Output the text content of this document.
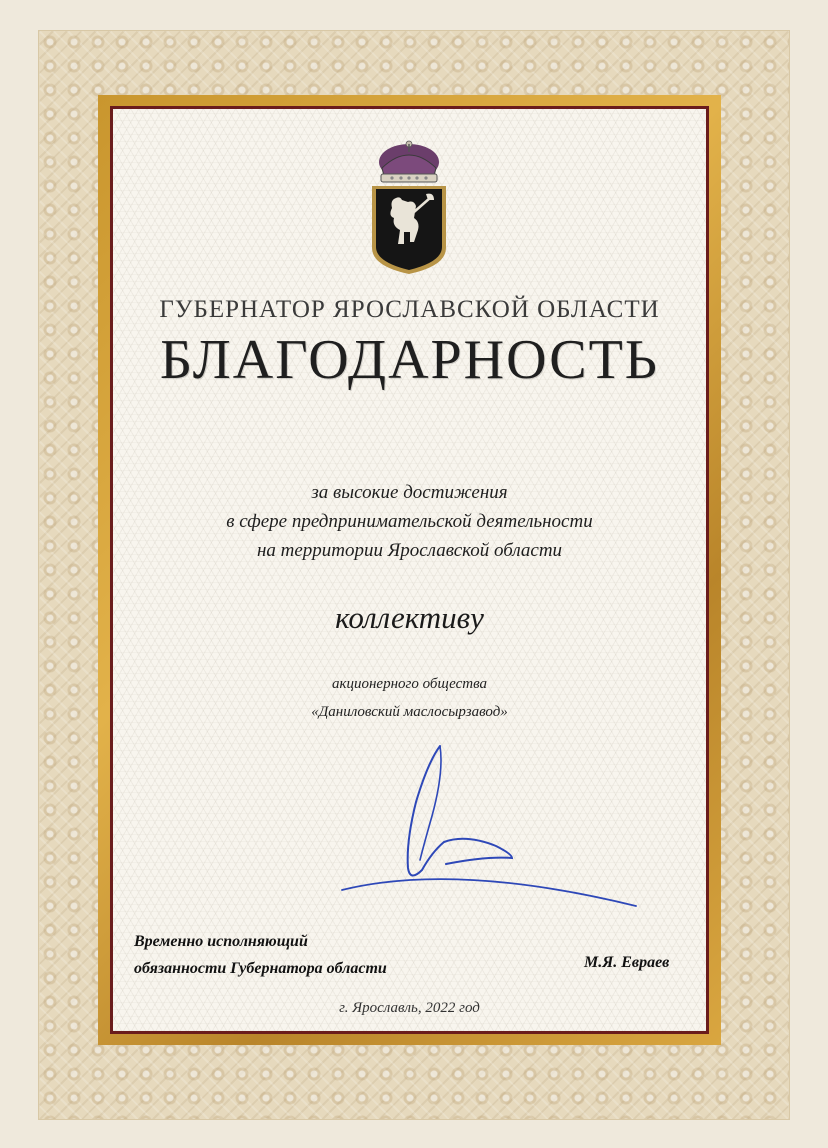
ГУБЕРНАТОР ЯРОСЛАВСКОЙ ОБЛАСТИ
БЛАГОДАРНОСТЬ
за высокие достижения
в сфере предпринимательской деятельности
на территории Ярославской области
коллективу
акционерного общества
«Даниловский маслосырзавод»
Временно исполняющий
обязанности Губернатора области	М.Я. Евраев
г. Ярославль, 2022 год
